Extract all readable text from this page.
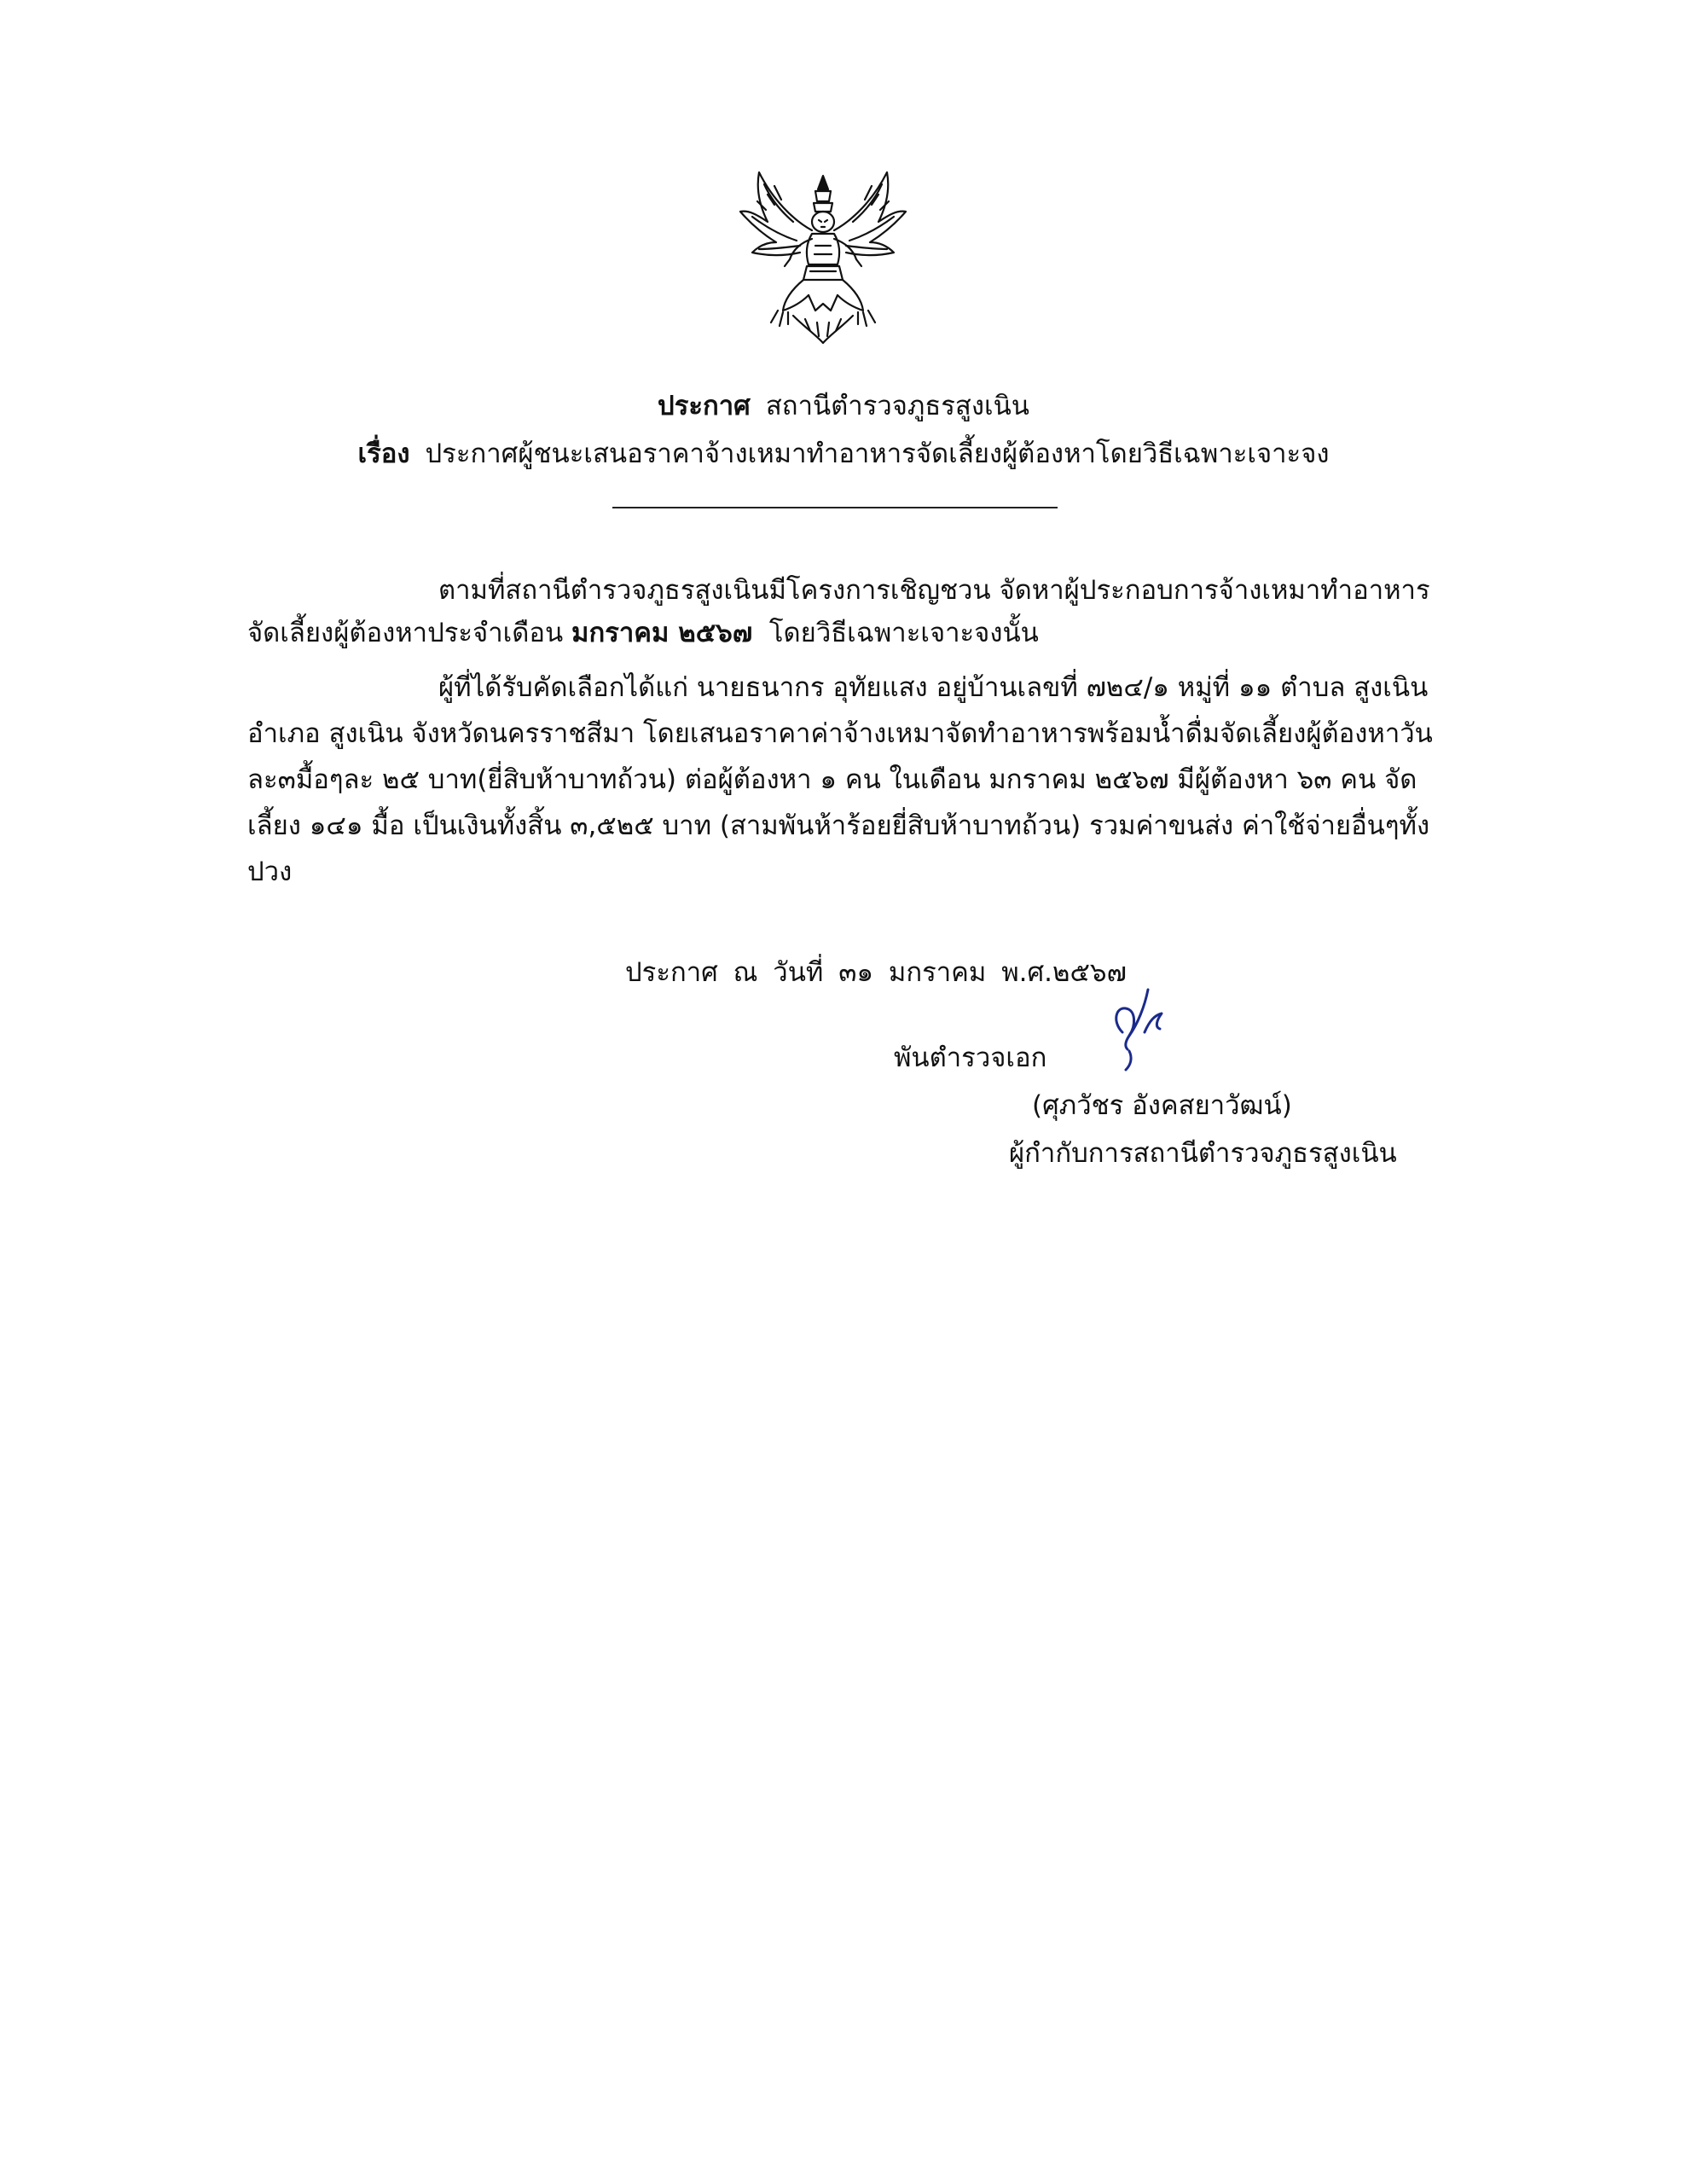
ประกาศ สถานีตำรวจภูธรสูงเนิน
เรื่อง ประกาศผู้ชนะเสนอราคาจ้างเหมาทำอาหารจัดเลี้ยงผู้ต้องหาโดยวิธีเฉพาะเจาะจง
ตามที่สถานีตำรวจภูธรสูงเนินมีโครงการเชิญชวน จัดหาผู้ประกอบการจ้างเหมาทำอาหาร
จัดเลี้ยงผู้ต้องหาประจำเดือน มกราคม ๒๕๖๗ โดยวิธีเฉพาะเจาะจงนั้น
ผู้ที่ได้รับคัดเลือกได้แก่ นายธนากร อุทัยแสง อยู่บ้านเลขที่ ๗๒๔/๑ หมู่ที่ ๑๑ ตำบล สูงเนิน
อำเภอ สูงเนิน จังหวัดนครราชสีมา โดยเสนอราคาค่าจ้างเหมาจัดทำอาหารพร้อมน้ำดื่มจัดเลี้ยงผู้ต้องหาวัน
ละ๓มื้อๆละ ๒๕ บาท(ยี่สิบห้าบาทถ้วน) ต่อผู้ต้องหา ๑ คน ในเดือน มกราคม ๒๕๖๗ มีผู้ต้องหา ๖๓ คน จัด
เลี้ยง ๑๔๑ มื้อ เป็นเงินทั้งสิ้น ๓,๕๒๕ บาท (สามพันห้าร้อยยี่สิบห้าบาทถ้วน) รวมค่าขนส่ง ค่าใช้จ่ายอื่นๆทั้ง
ปวง
ประกาศ ณ วันที่ ๓๑ มกราคม พ.ศ.๒๕๖๗
พันตำรวจเอก
(ศุภวัชร อังคสยาวัฒน์)
ผู้กำกับการสถานีตำรวจภูธรสูงเนิน
